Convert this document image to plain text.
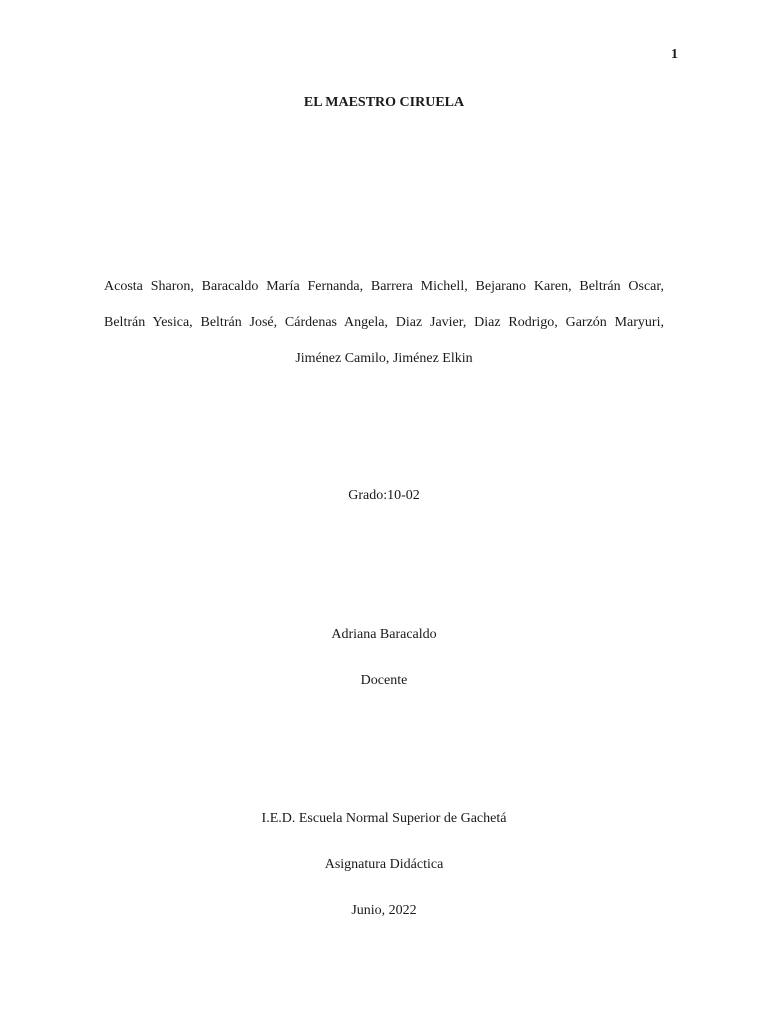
1
EL MAESTRO CIRUELA
Acosta Sharon, Baracaldo María Fernanda, Barrera Michell, Bejarano Karen, Beltrán Oscar,
Beltrán Yesica, Beltrán José, Cárdenas Angela, Diaz Javier, Diaz Rodrigo, Garzón Maryuri,
Jiménez Camilo, Jiménez Elkin
Grado:10-02
Adriana Baracaldo
Docente
I.E.D. Escuela Normal Superior de Gachetá
Asignatura Didáctica
Junio, 2022
